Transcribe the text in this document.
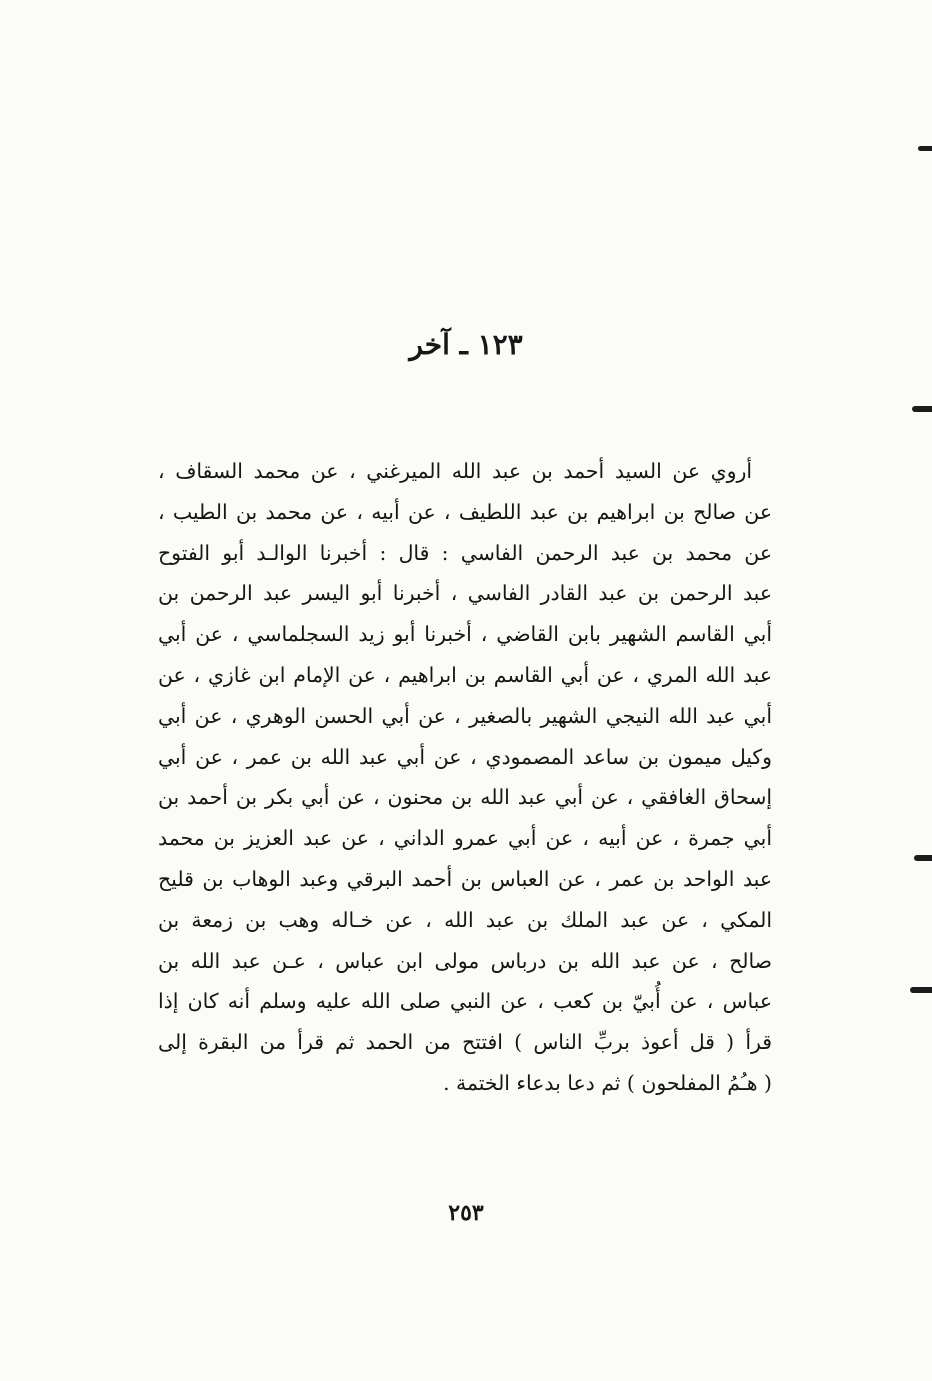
١٢٣ ـ آخر
أروي عن السيد أحمد بن عبد الله الميرغني ، عن محمد السقاف ،
عن صالح بن ابراهيم بن عبد اللطيف ، عن أبيه ، عن محمد بن الطيب ،
عن محمد بن عبد الرحمن الفاسي : قال : أخبرنا الوالـد أبو الفتوح
عبد الرحمن بن عبد القادر الفاسي ، أخبرنا أبو اليسر عبد الرحمن بن
أبي القاسم الشهير بابن القاضي ، أخبرنا أبو زيد السجلماسي ، عن أبي
عبد الله المري ، عن أبي القاسم بن ابراهيم ، عن الإمام ابن غازي ، عن
أبي عبد الله النيجي الشهير بالصغير ، عن أبي الحسن الوهري ، عن أبي
وكيل ميمون بن ساعد المصمودي ، عن أبي عبد الله بن عمر ، عن أبي
إسحاق الغافقي ، عن أبي عبد الله بن محنون ، عن أبي بكر بن أحمد بن
أبي جمرة ، عن أبيه ، عن أبي عمرو الداني ، عن عبد العزيز بن محمد
عبد الواحد بن عمر ، عن العباس بن أحمد البرقي وعبد الوهاب بن قليح
المكي ، عن عبد الملك بن عبد الله ، عن خـاله وهب بن زمعة بن
صالح ، عن عبد الله بن درباس مولى ابن عباس ، عـن عبد الله بن
عباس ، عن أُبيّ بن كعب ، عن النبي صلى الله عليه وسلم أنه كان إذا
قرأ ( قل أعوذ بربِّ الناس ) افتتح من الحمد ثم قرأ من البقرة إلى
( هـُمُ المفلحون ) ثم دعا بدعاء الختمة .
٢٥٣
